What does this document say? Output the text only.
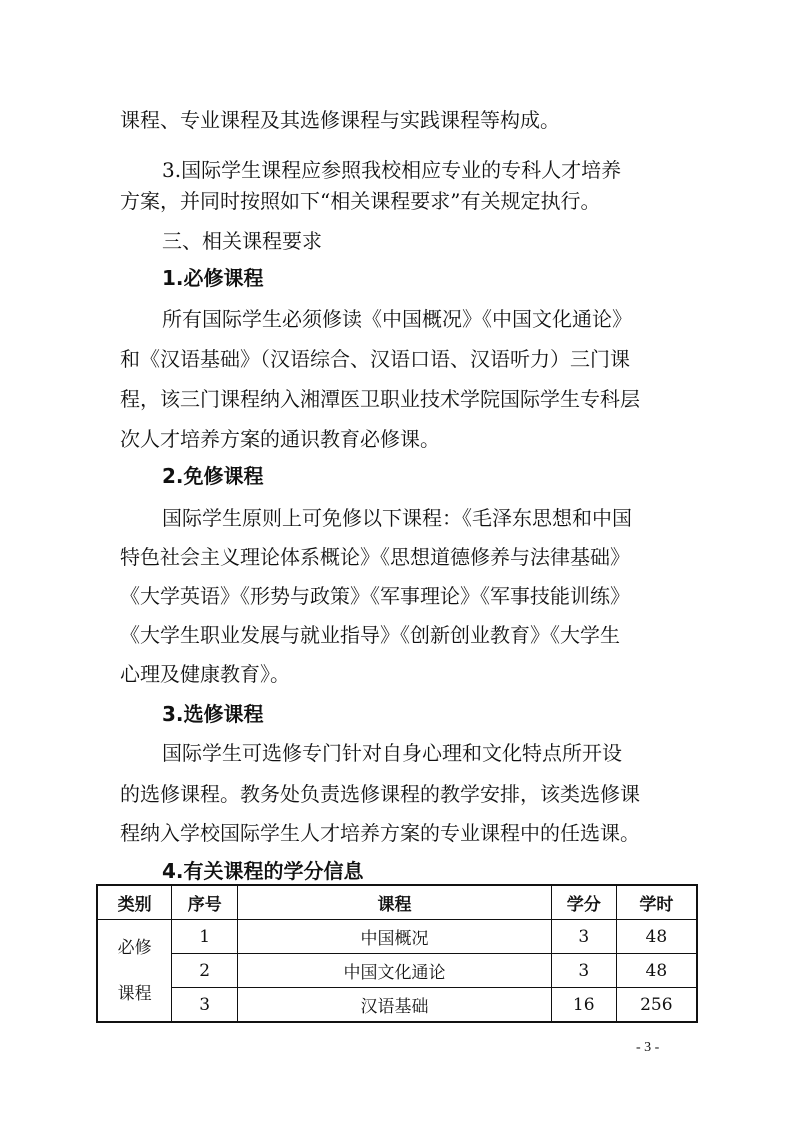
课程、专业课程及其选修课程与实践课程等构成。
3.国际学生课程应参照我校相应专业的专科人才培养
方案，并同时按照如下“相关课程要求”有关规定执行。
三、相关课程要求
1.必修课程
所有国际学生必须修读《中国概况》《中国文化通论》
和《汉语基础》（汉语综合、汉语口语、汉语听力）三门课
程，该三门课程纳入湘潭医卫职业技术学院国际学生专科层
次人才培养方案的通识教育必修课。
2.免修课程
国际学生原则上可免修以下课程：《毛泽东思想和中国
特色社会主义理论体系概论》《思想道德修养与法律基础》
《大学英语》《形势与政策》《军事理论》《军事技能训练》
《大学生职业发展与就业指导》《创新创业教育》《大学生
心理及健康教育》。
3.选修课程
国际学生可选修专门针对自身心理和文化特点所开设
的选修课程。教务处负责选修课程的教学安排，该类选修课
程纳入学校国际学生人才培养方案的专业课程中的任选课。
4.有关课程的学分信息
类别	序号	课程	学分	学时

必修课程	1	中国概况	3	48
	2	中国文化通论	3	48
	3	汉语基础	16	256
- 3 -
